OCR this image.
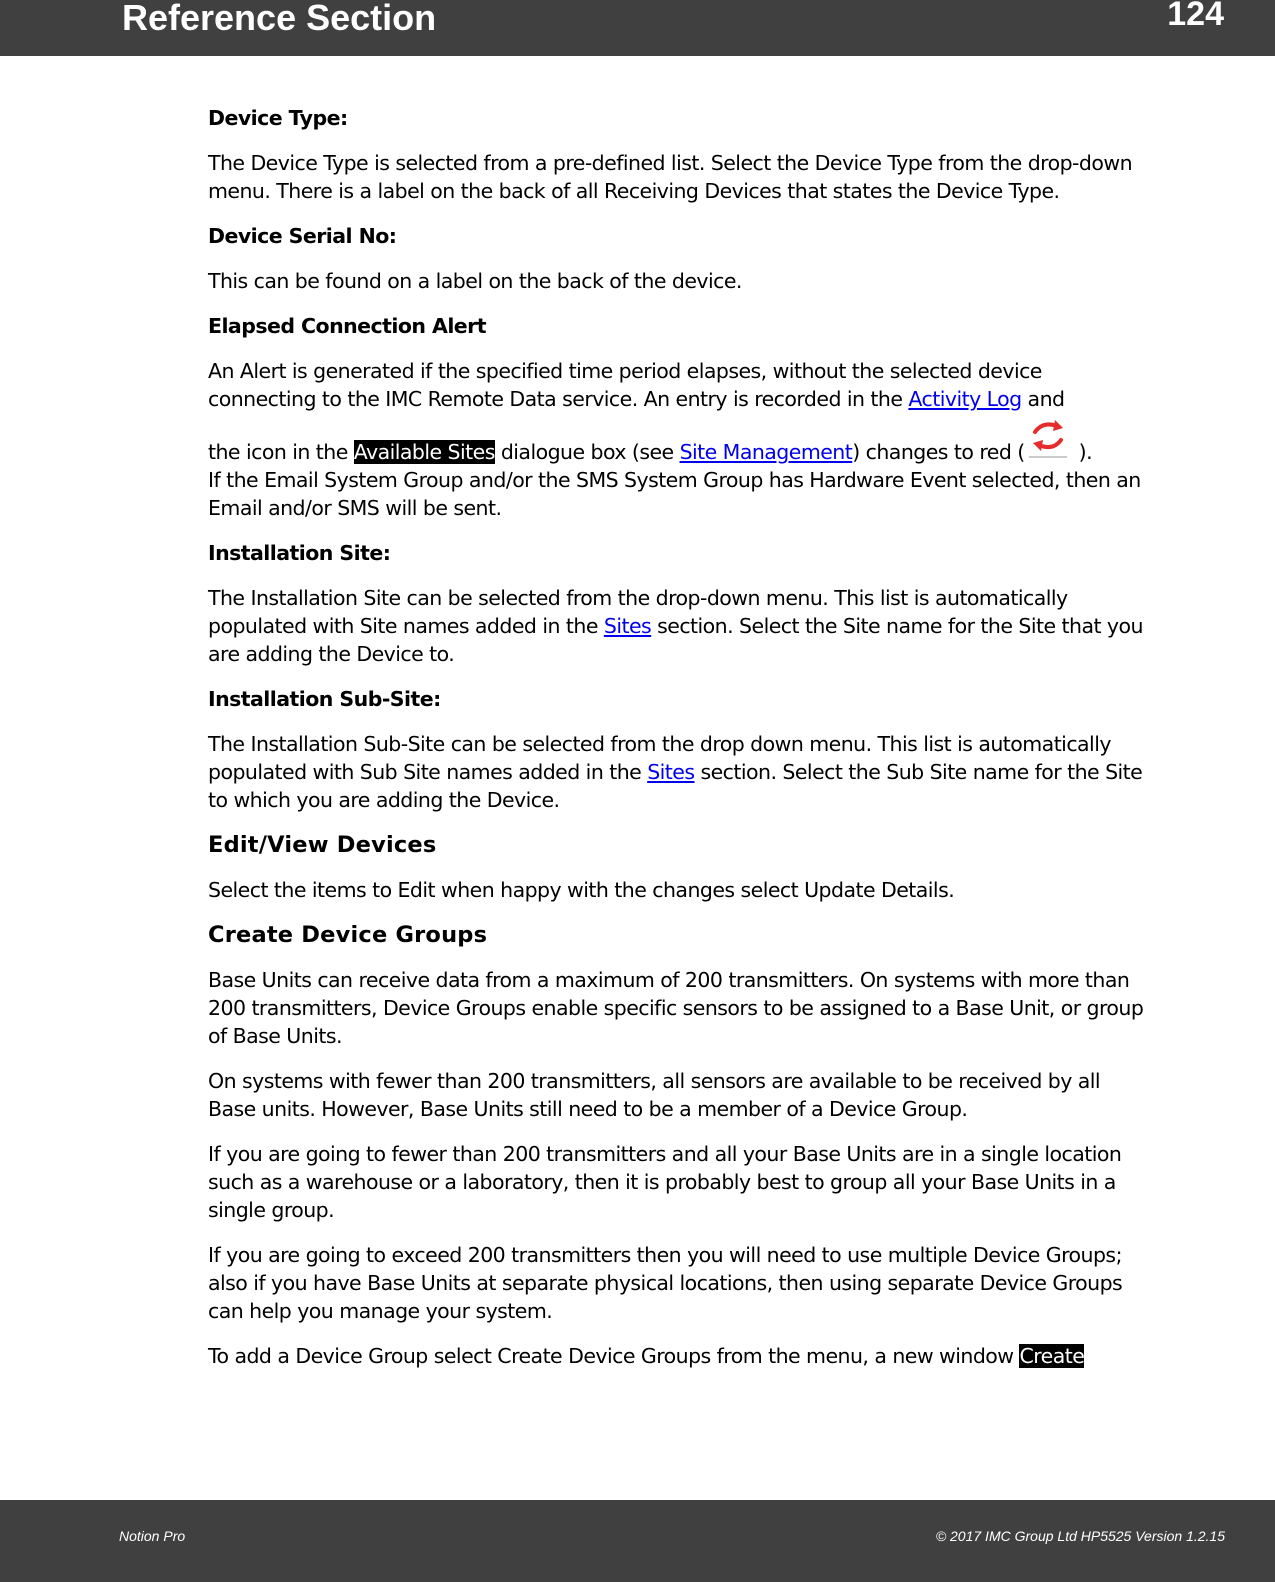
Reference Section	124
Device Type:

The Device Type is selected from a pre-defined list. Select the Device Type from the drop-down menu. There is a label on the back of all Receiving Devices that states the Device Type.

Device Serial No:

This can be found on a label on the back of the device.

Elapsed Connection Alert

An Alert is generated if the specified time period elapses, without the selected device connecting to the IMC Remote Data service. An entry is recorded in the Activity Log and

the icon in the Available Sites dialogue box (see Site Management) changes to red (
).

If the Email System Group and/or the SMS System Group has Hardware Event selected, then an Email and/or SMS will be sent.

Installation Site:

The Installation Site can be selected from the drop-down menu. This list is automatically populated with Site names added in the Sites section. Select the Site name for the Site that you are adding the Device to.

Installation Sub-Site:

The Installation Sub-Site can be selected from the drop down menu. This list is automatically populated with Sub Site names added in the Sites section. Select the Sub Site name for the Site to which you are adding the Device.

Edit/View Devices

Select the items to Edit when happy with the changes select Update Details.

Create Device Groups

Base Units can receive data from a maximum of 200 transmitters. On systems with more than 200 transmitters, Device Groups enable specific sensors to be assigned to a Base Unit, or group of Base Units.

On systems with fewer than 200 transmitters, all sensors are available to be received by all Base units. However, Base Units still need to be a member of a Device Group.

If you are going to fewer than 200 transmitters and all your Base Units are in a single location such as a warehouse or a laboratory, then it is probably best to group all your Base Units in a single group.

If you are going to exceed 200 transmitters then you will need to use multiple Device Groups; also if you have Base Units at separate physical locations, then using separate Device Groups can help you manage your system.

To add a Device Group select Create Device Groups from the menu, a new window Create

Notion Pro	© 2017 IMC Group Ltd HP5525 Version 1.2.15
